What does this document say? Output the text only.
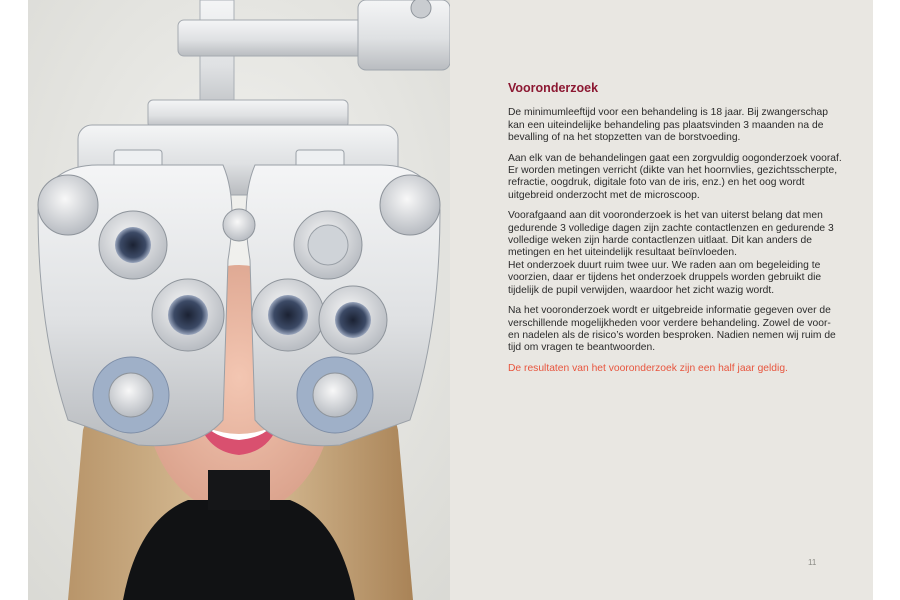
Vooronderzoek

De minimumleeftijd voor een behandeling is 18 jaar. Bij zwangerschap kan een uiteindelijke behandeling pas plaatsvinden 3 maanden na de bevalling of na het stopzetten van de borstvoeding.

Aan elk van de behandelingen gaat een zorgvuldig oogonderzoek vooraf. Er worden metingen verricht (dikte van het hoornvlies, gezichtsscherpte, refractie, oogdruk, digitale foto van de iris, enz.) en het oog wordt uitgebreid onderzocht met de microscoop.

Voorafgaand aan dit vooronderzoek is het van uiterst belang dat men gedurende 3 volledige dagen zijn zachte contactlenzen en gedurende 3 volledige weken zijn harde contactlenzen uitlaat. Dit kan anders de metingen en het uiteindelijk resultaat beïnvloeden.

Het onderzoek duurt ruim twee uur. We raden aan om begeleiding te voorzien, daar er tijdens het onderzoek druppels worden gebruikt die tijdelijk de pupil verwijden, waardoor het zicht wazig wordt.

Na het vooronderzoek wordt er uitgebreide informatie gegeven over de verschillende mogelijkheden voor verdere behandeling. Zowel de voor- en nadelen als de risico’s worden besproken. Nadien nemen wij ruim de tijd om vragen te beantwoorden.

De resultaten van het vooronderzoek zijn een half jaar geldig.

11
